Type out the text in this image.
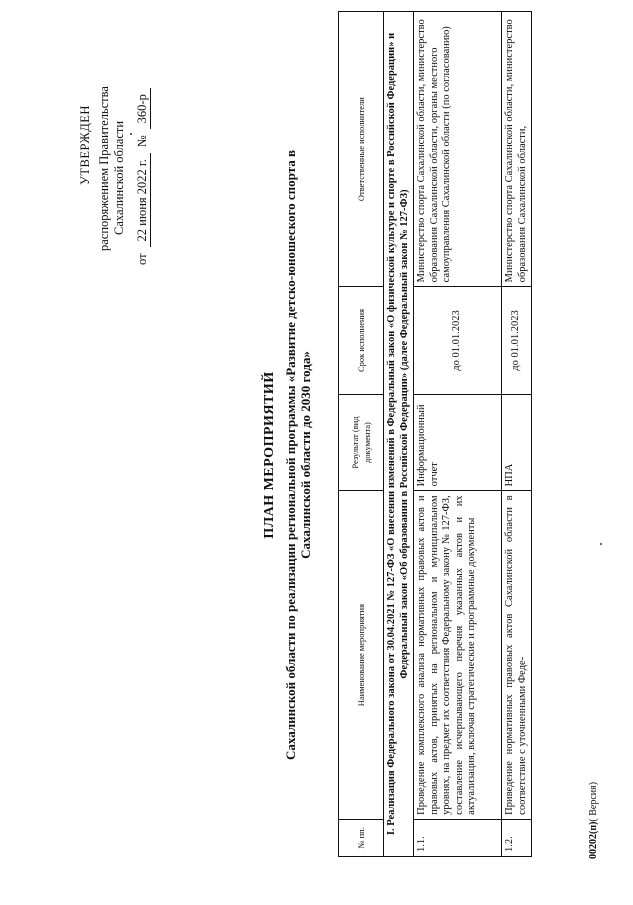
УТВЕРЖДЕН распоряжением Правительства Сахалинской области
от
22 июня 2022 г.
№
360-р
ПЛАН МЕРОПРИЯТИЙ Сахалинской области по реализации региональной программы «Развитие детско-юношеского спорта в Сахалинской области до 2030 года»
№ пп.	Наименование мероприятия	Результат (вид документа)	Срок исполнения	Ответственные исполнители
I. Реализация Федерального закона от 30.04.2021 № 127-ФЗ «О внесении изменений в Федеральный закон «О физической культуре и спорте в Российской Федерации» и Федеральный закон «Об образовании в Российской Федерации» (далее Федеральный закон № 127-ФЗ)				
1.1.	Проведение комплексного анализа нормативных правовых актов и правовых актов, принятых на региональном и муниципальном уровнях, на предмет их соответствия Федеральному закону № 127-ФЗ, составление исчерпывающего перечня указанных актов и их актуализация, включая стратегические и программные документы	Информационный отчет	до 01.01.2023	Министерство спорта Сахалинской области, министерство образования Сахалинской области, органы местного самоуправления Сахалинской области (по согласованию)
1.2.	Приведение нормативных правовых актов Сахалинской области в соответствие с уточненными Феде-	НПА	до 01.01.2023	Министерство спорта Сахалинской области, министерство образования Сахалинской области,
00202(п)( Версия)
